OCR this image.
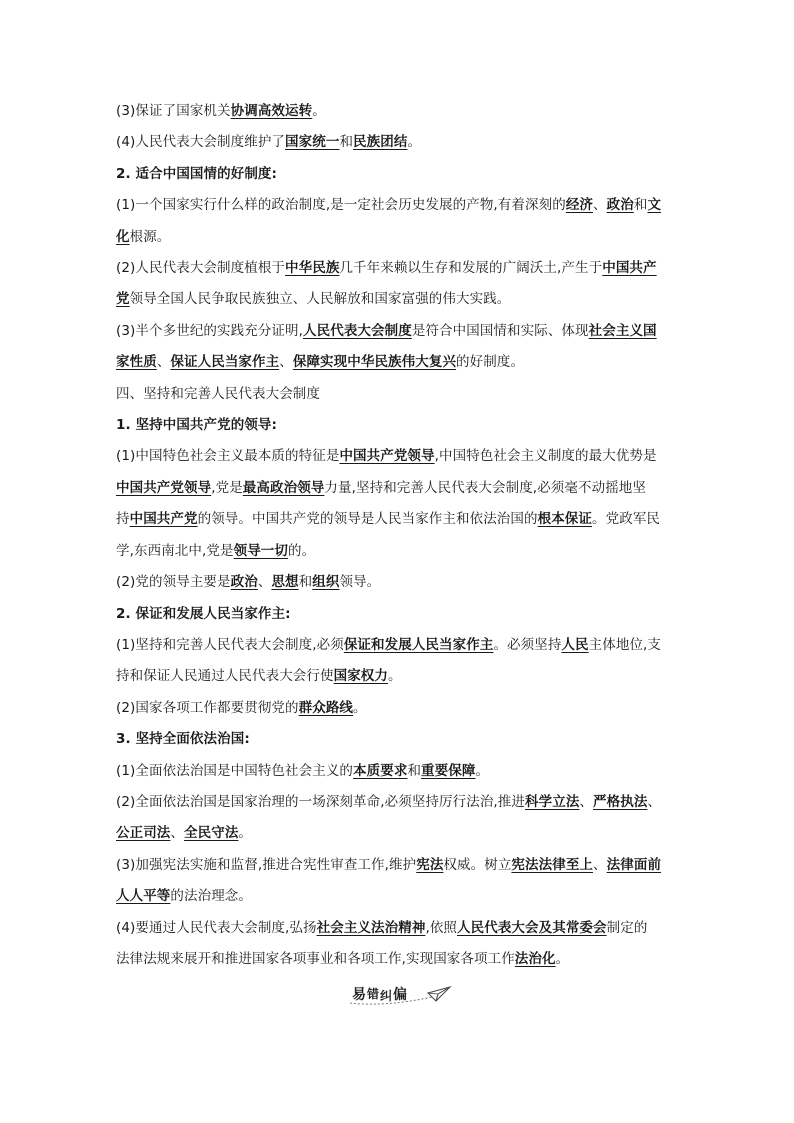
(3)保证了国家机关协调高效运转。
(4)人民代表大会制度维护了国家统一和民族团结。
2. 适合中国国情的好制度:
(1)一个国家实行什么样的政治制度,是一定社会历史发展的产物,有着深刻的经济、政治和文
化根源。
(2)人民代表大会制度植根于中华民族几千年来赖以生存和发展的广阔沃土,产生于中国共产
党领导全国人民争取民族独立、人民解放和国家富强的伟大实践。
(3)半个多世纪的实践充分证明,人民代表大会制度是符合中国国情和实际、体现社会主义国
家性质、保证人民当家作主、保障实现中华民族伟大复兴的好制度。
四、坚持和完善人民代表大会制度
1. 坚持中国共产党的领导:
(1)中国特色社会主义最本质的特征是中国共产党领导,中国特色社会主义制度的最大优势是
中国共产党领导,党是最高政治领导力量,坚持和完善人民代表大会制度,必须毫不动摇地坚
持中国共产党的领导。中国共产党的领导是人民当家作主和依法治国的根本保证。党政军民
学,东西南北中,党是领导一切的。
(2)党的领导主要是政治、思想和组织领导。
2. 保证和发展人民当家作主:
(1)坚持和完善人民代表大会制度,必须保证和发展人民当家作主。必须坚持人民主体地位,支
持和保证人民通过人民代表大会行使国家权力。
(2)国家各项工作都要贯彻党的群众路线。
3. 坚持全面依法治国:
(1)全面依法治国是中国特色社会主义的本质要求和重要保障。
(2)全面依法治国是国家治理的一场深刻革命,必须坚持厉行法治,推进科学立法、严格执法、
公正司法、全民守法。
(3)加强宪法实施和监督,推进合宪性审查工作,维护宪法权威。树立宪法法律至上、法律面前
人人平等的法治理念。
(4)要通过人民代表大会制度,弘扬社会主义法治精神,依照人民代表大会及其常委会制定的
法律法规来展开和推进国家各项事业和各项工作,实现国家各项工作法治化。
易错纠偏
